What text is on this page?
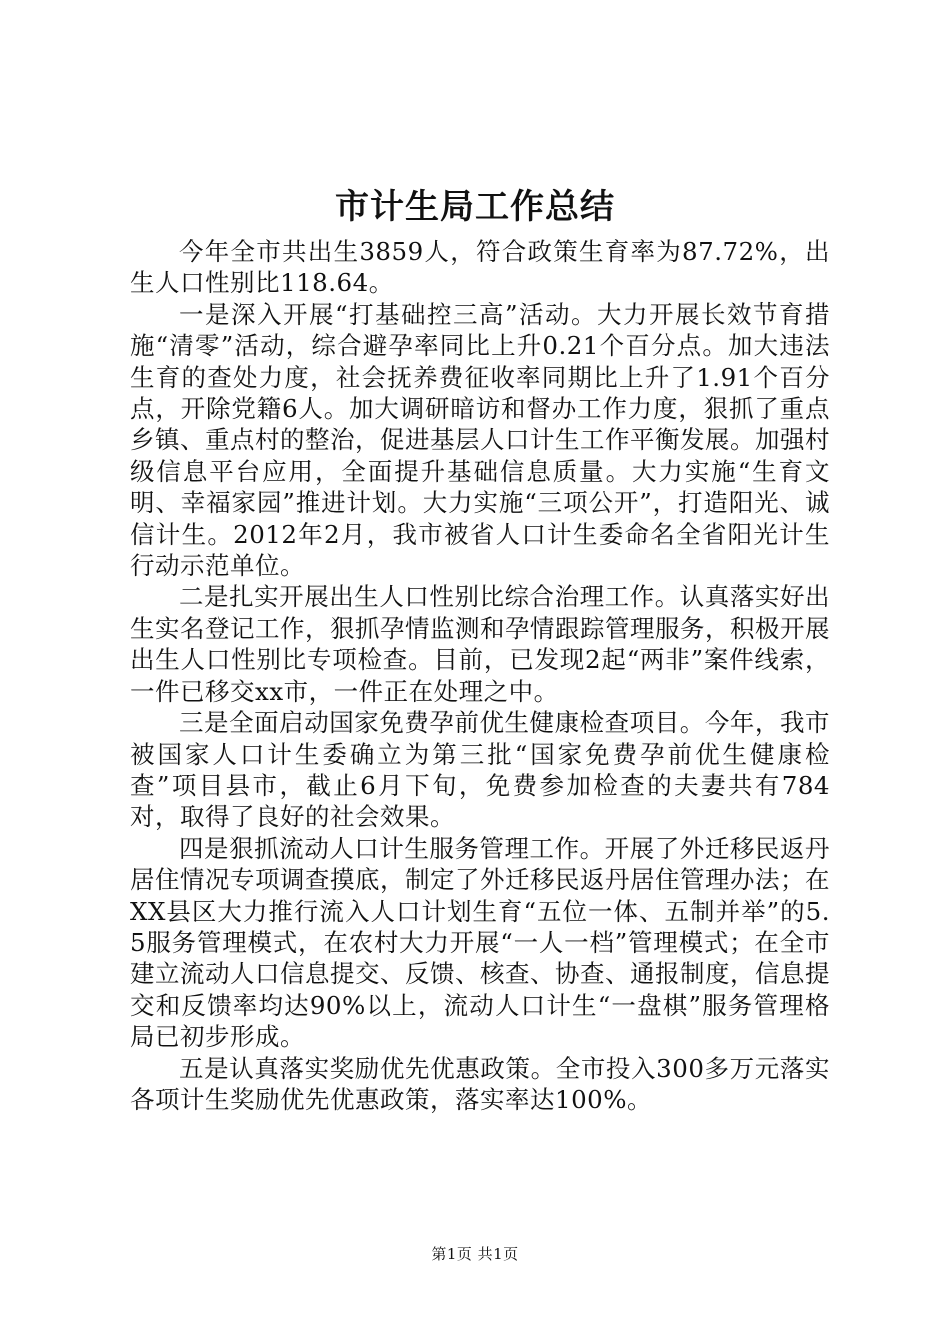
市计生局工作总结

今年全市共出生3859人，符合政策生育率为87.72%，出生人口性别比118.64。

一是深入开展“打基础控三高”活动。大力开展长效节育措施“清零”活动，综合避孕率同比上升0.21个百分点。加大违法生育的查处力度，社会抚养费征收率同期比上升了1.91个百分点，开除党籍6人。加大调研暗访和督办工作力度，狠抓了重点乡镇、重点村的整治，促进基层人口计生工作平衡发展。加强村级信息平台应用，全面提升基础信息质量。大力实施“生育文明、幸福家园”推进计划。大力实施“三项公开”，打造阳光、诚信计生。2012年2月，我市被省人口计生委命名全省阳光计生行动示范单位。

二是扎实开展出生人口性别比综合治理工作。认真落实好出生实名登记工作，狠抓孕情监测和孕情跟踪管理服务，积极开展出生人口性别比专项检查。目前，已发现2起“两非”案件线索，一件已移交xx市，一件正在处理之中。

三是全面启动国家免费孕前优生健康检查项目。今年，我市被国家人口计生委确立为第三批“国家免费孕前优生健康检查”项目县市，截止6月下旬，免费参加检查的夫妻共有784对，取得了良好的社会效果。

四是狠抓流动人口计生服务管理工作。开展了外迁移民返丹居住情况专项调查摸底，制定了外迁移民返丹居住管理办法；在XX县区大力推行流入人口计划生育“五位一体、五制并举”的5.5服务管理模式，在农村大力开展“一人一档”管理模式；在全市建立流动人口信息提交、反馈、核查、协查、通报制度，信息提交和反馈率均达90%以上，流动人口计生“一盘棋”服务管理格局已初步形成。

五是认真落实奖励优先优惠政策。全市投入300多万元落实各项计生奖励优先优惠政策，落实率达100%。

第1页 共1页
